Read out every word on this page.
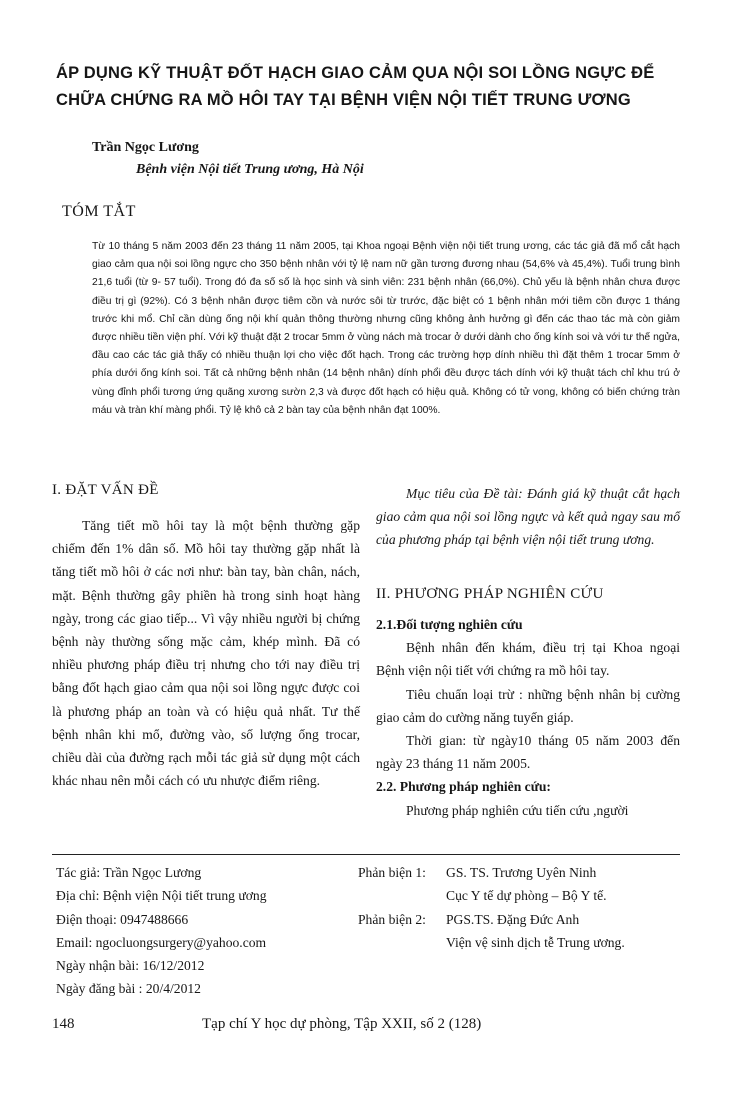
ÁP DỤNG KỸ THUẬT ĐỐT HẠCH GIAO CẢM QUA NỘI SOI LỒNG NGỰC ĐỂ
CHỮA CHỨNG RA MỒ HÔI TAY TẠI BỆNH VIỆN NỘI TIẾT TRUNG ƯƠNG
Trần Ngọc Lương
Bệnh viện Nội tiết Trung ương, Hà Nội
TÓM TẮT
Từ 10 tháng 5 năm 2003 đến 23 tháng 11 năm 2005, tại Khoa ngoại Bệnh viện nội tiết trung ương, các tác giả đã mổ cắt hạch giao cảm qua nội soi lồng ngực cho 350 bệnh nhân với tỷ lệ nam nữ gần tương đương nhau (54,6% và 45,4%). Tuổi trung bình 21,6 tuổi (từ 9- 57 tuổi). Trong đó đa số số là học sinh và sinh viên: 231 bệnh nhân (66,0%). Chủ yếu là bệnh nhân chưa được điều trị gì (92%). Có 3 bệnh nhân được tiêm cồn và nước sôi từ trước, đặc biệt có 1 bệnh nhân mới tiêm cồn được 1 tháng trước khi mổ. Chỉ cần dùng ống nội khí quản thông thường nhưng cũng không ảnh hưởng gì đến các thao tác mà còn giảm được nhiều tiền viện phí. Với kỹ thuật đặt 2 trocar 5mm ở vùng nách mà trocar ở dưới dành cho ống kính soi và với tư thế ngửa, đầu cao các tác giả thấy có nhiều thuận lợi cho việc đốt hạch. Trong các trường hợp dính nhiều thì đặt thêm 1 trocar 5mm ở phía dưới ống kính soi. Tất cả những bệnh nhân (14 bệnh nhân) dính phổi đều được tách dính với kỹ thuật tách chỉ khu trú ở vùng đỉnh phổi tương ứng quãng xương sườn 2,3 và được đốt hạch có hiệu quả. Không có tử vong, không có biến chứng tràn máu và tràn khí màng phổi. Tỷ lệ khô cả 2 bàn tay của bệnh nhân đạt 100%.
I. ĐẶT VẤN ĐỀ

Tăng tiết mồ hôi tay là một bệnh thường gặp chiếm đến 1% dân số. Mồ hôi tay thường gặp nhất là tăng tiết mồ hôi ở các nơi như: bàn tay, bàn chân, nách, mặt. Bệnh thường gây phiền hà trong sinh hoạt hàng ngày, trong các giao tiếp... Vì vậy nhiều người bị chứng bệnh này thường sống mặc cảm, khép mình. Đã có nhiều phương pháp điều trị nhưng cho tới nay điều trị bằng đốt hạch giao cảm qua nội soi lồng ngực được coi là phương pháp an toàn và có hiệu quả nhất. Tư thế bệnh nhân khi mổ, đường vào, số lượng ống trocar, chiều dài của đường rạch mỗi tác giả sử dụng một cách khác nhau nên mỗi cách có ưu nhược điểm riêng.

Mục tiêu của Đề tài: Đánh giá kỹ thuật cắt hạch giao cảm qua nội soi lồng ngực và kết quả ngay sau mổ của phương pháp tại bệnh viện nội tiết trung ương.

II. PHƯƠNG PHÁP NGHIÊN CỨU

2.1.Đối tượng nghiên cứu

Bệnh nhân đến khám, điều trị tại Khoa ngoại Bệnh viện nội tiết với chứng ra mồ hôi tay.

Tiêu chuẩn loại trừ : những bệnh nhân bị cường giao cảm do cường năng tuyến giáp.

Thời gian: từ ngày10 tháng 05 năm 2003 đến ngày 23 tháng 11 năm 2005.

2.2. Phương pháp nghiên cứu:

Phương pháp nghiên cứu tiến cứu ,người

Tác giả: Trần Ngọc Lương
Địa chỉ: Bệnh viện Nội tiết trung ương
Điện thoại: 0947488666
Email: ngocluongsurgery@yahoo.com
Ngày nhận bài: 16/12/2012
Ngày đăng bài : 20/4/2012
Phản biện 1:	GS. TS. Trương Uyên Ninh
Cục Y tế dự phòng – Bộ Y tế.
Phản biện 2:	PGS.TS. Đặng Đức Anh
Viện vệ sinh dịch tễ Trung ương.
148	Tạp chí Y học dự phòng, Tập XXII, số 2 (128)
